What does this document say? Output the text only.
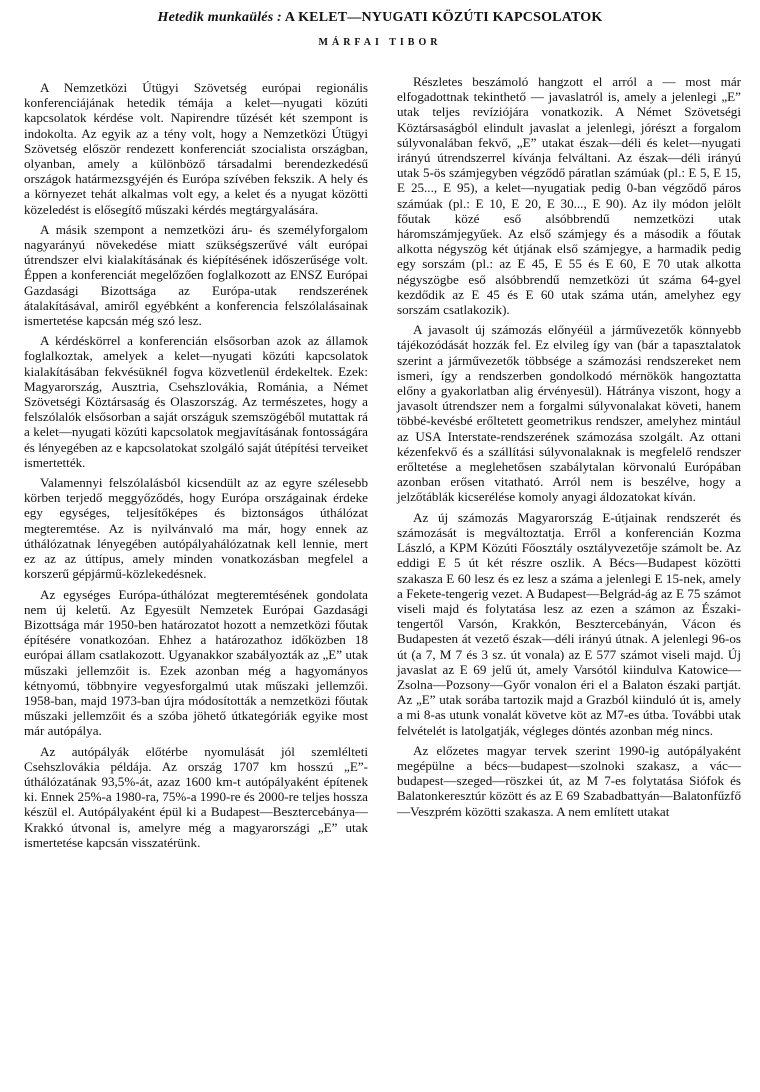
Hetedik munkaülés : A KELET—NYUGATI KÖZÚTI KAPCSOLATOK
MÁRFAI TIBOR

A Nemzetközi Útügyi Szövetség európai regionális konferenciájának hetedik témája a kelet—nyugati közúti kapcsolatok kérdése volt. Napirendre tűzését két szempont is indokolta. Az egyik az a tény volt, hogy a Nemzetközi Útügyi Szövetség először rendezett konferenciát szocialista országban, olyanban, amely a különböző társadalmi berendezkedésű országok határmezsgyéjén és Európa szívében fekszik. A hely és a környezet tehát alkalmas volt egy, a kelet és a nyugat közötti közeledést is elősegítő műszaki kérdés megtárgyalására.

A másik szempont a nemzetközi áru- és személyforgalom nagyarányú növekedése miatt szükségszerűvé vált európai útrendszer elvi kialakításának és kiépítésének időszerűsége volt. Éppen a konferenciát megelőzően foglalkozott az ENSZ Európai Gazdasági Bizottsága az Európa-utak rendszerének átalakításával, amiről egyébként a konferencia felszólalásainak ismertetése kapcsán még szó lesz.

A kérdéskörrel a konferencián elsősorban azok az államok foglalkoztak, amelyek a kelet—nyugati közúti kapcsolatok kialakításában fekvésüknél fogva közvetlenül érdekeltek. Ezek: Magyarország, Ausztria, Csehszlovákia, Románia, a Német Szövetségi Köztársaság és Olaszország. Az természetes, hogy a felszólalók elsősorban a saját országuk szemszögéből mutattak rá a kelet—nyugati közúti kapcsolatok megjavításának fontosságára és lényegében az e kapcsolatokat szolgáló saját útépítési terveiket ismertették.

Valamennyi felszólalásból kicsendült az az egyre szélesebb körben terjedő meggyőződés, hogy Európa országainak érdeke egy egységes, teljesítőképes és biztonságos úthálózat megteremtése. Az is nyilvánvaló ma már, hogy ennek az úthálózatnak lényegében autópályahálózatnak kell lennie, mert ez az az úttípus, amely minden vonatkozásban megfelel a korszerű gépjármű-közlekedésnek.

Az egységes Európa-úthálózat megteremtésének gondolata nem új keletű. Az Egyesült Nemzetek Európai Gazdasági Bizottsága már 1950-ben határozatot hozott a nemzetközi főutak építésére vonatkozóan. Ehhez a határozathoz időközben 18 európai állam csatlakozott. Ugyanakkor szabályozták az „E” utak műszaki jellemzőit is. Ezek azonban még a hagyományos kétnyomú, többnyire vegyesforgalmú utak műszaki jellemzői. 1958-ban, majd 1973-ban újra módosították a nemzetközi főutak műszaki jellemzőit és a szóba jöhető útkategóriák egyike most már autópálya.

Az autópályák előtérbe nyomulását jól szemlélteti Csehszlovákia példája. Az ország 1707 km hosszú „E”-úthálózatának 93,5%-át, azaz 1600 km-t autópályaként építenek ki. Ennek 25%-a 1980-ra, 75%-a 1990-re és 2000-re teljes hossza készül el. Autópályaként épül ki a Budapest—Besztercebánya—Krakkó útvonal is, amelyre még a magyarországi „E” utak ismertetése kapcsán visszatérünk.

Részletes beszámoló hangzott el arról a — most már elfogadottnak tekinthető — javaslatról is, amely a jelenlegi „E” utak teljes revíziójára vonatkozik. A Német Szövetségi Köztársaságból elindult javaslat a jelenlegi, jórészt a forgalom súlyvonalában fekvő, „E” utakat észak—déli és kelet—nyugati irányú útrendszerrel kívánja felváltani. Az észak—déli irányú utak 5-ös számjegyben végződő páratlan számúak (pl.: E 5, E 15, E 25..., E 95), a kelet—nyugatiak pedig 0-ban végződő páros számúak (pl.: E 10, E 20, E 30..., E 90). Az ily módon jelölt főutak közé eső alsóbbrendű nemzetközi utak háromszámjegyűek. Az első számjegy és a második a főutak alkotta négyszög két útjának első számjegye, a harmadik pedig egy sorszám (pl.: az E 45, E 55 és E 60, E 70 utak alkotta négyszögbe eső alsóbbrendű nemzetközi út száma 64-gyel kezdődik az E 45 és E 60 utak száma után, amelyhez egy sorszám csatlakozik).

A javasolt új számozás előnyéül a járművezetők könnyebb tájékozódását hozzák fel. Ez elvileg így van (bár a tapasztalatok szerint a járművezetők többsége a számozási rendszereket nem ismeri, így a rendszerben gondolkodó mérnökök hangoztatta előny a gyakorlatban alig érvényesül). Hátránya viszont, hogy a javasolt útrendszer nem a forgalmi súlyvonalakat követi, hanem többé-kevésbé erőltetett geometrikus rendszer, amelyhez mintául az USA Interstate-rendszerének számozása szolgált. Az ottani kézenfekvő és a szállítási súlyvonalaknak is megfelelő rendszer erőltetése a meglehetősen szabálytalan körvonalú Európában azonban erősen vitatható. Arról nem is beszélve, hogy a jelzőtáblák kicserélése komoly anyagi áldozatokat kíván.

Az új számozás Magyarország E-útjainak rendszerét és számozását is megváltoztatja. Erről a konferencián Kozma László, a KPM Közúti Főosztály osztályvezetője számolt be. Az eddigi E 5 út két részre oszlik. A Bécs—Budapest közötti szakasza E 60 lesz és ez lesz a száma a jelenlegi E 15-nek, amely a Fekete-tengerig vezet. A Budapest—Belgrád-ág az E 75 számot viseli majd és folytatása lesz az ezen a számon az Északi-tengertől Varsón, Krakkón, Besztercebányán, Vácon és Budapesten át vezető észak—déli irányú útnak. A jelenlegi 96-os út (a 7, M 7 és 3 sz. út vonala) az E 577 számot viseli majd. Új javaslat az E 69 jelű út, amely Varsótól kiindulva Katowice—Zsolna—Pozsony—Győr vonalon éri el a Balaton északi partját. Az „E” utak sorába tartozik majd a Grazból kiinduló út is, amely a mi 8-as utunk vonalát követve köt az M7-es útba. További utak felvételét is latolgatják, végleges döntés azonban még nincs.

Az előzetes magyar tervek szerint 1990-ig autópályaként megépülne a bécs—budapest—szolnoki szakasz, a vác—budapest—szeged—röszkei út, az M 7-es folytatása Siófok és Balatonkeresztúr között és az E 69 Szabadbattyán—Balatonfűzfő—Veszprém közötti szakasza. A nem említett utakat
